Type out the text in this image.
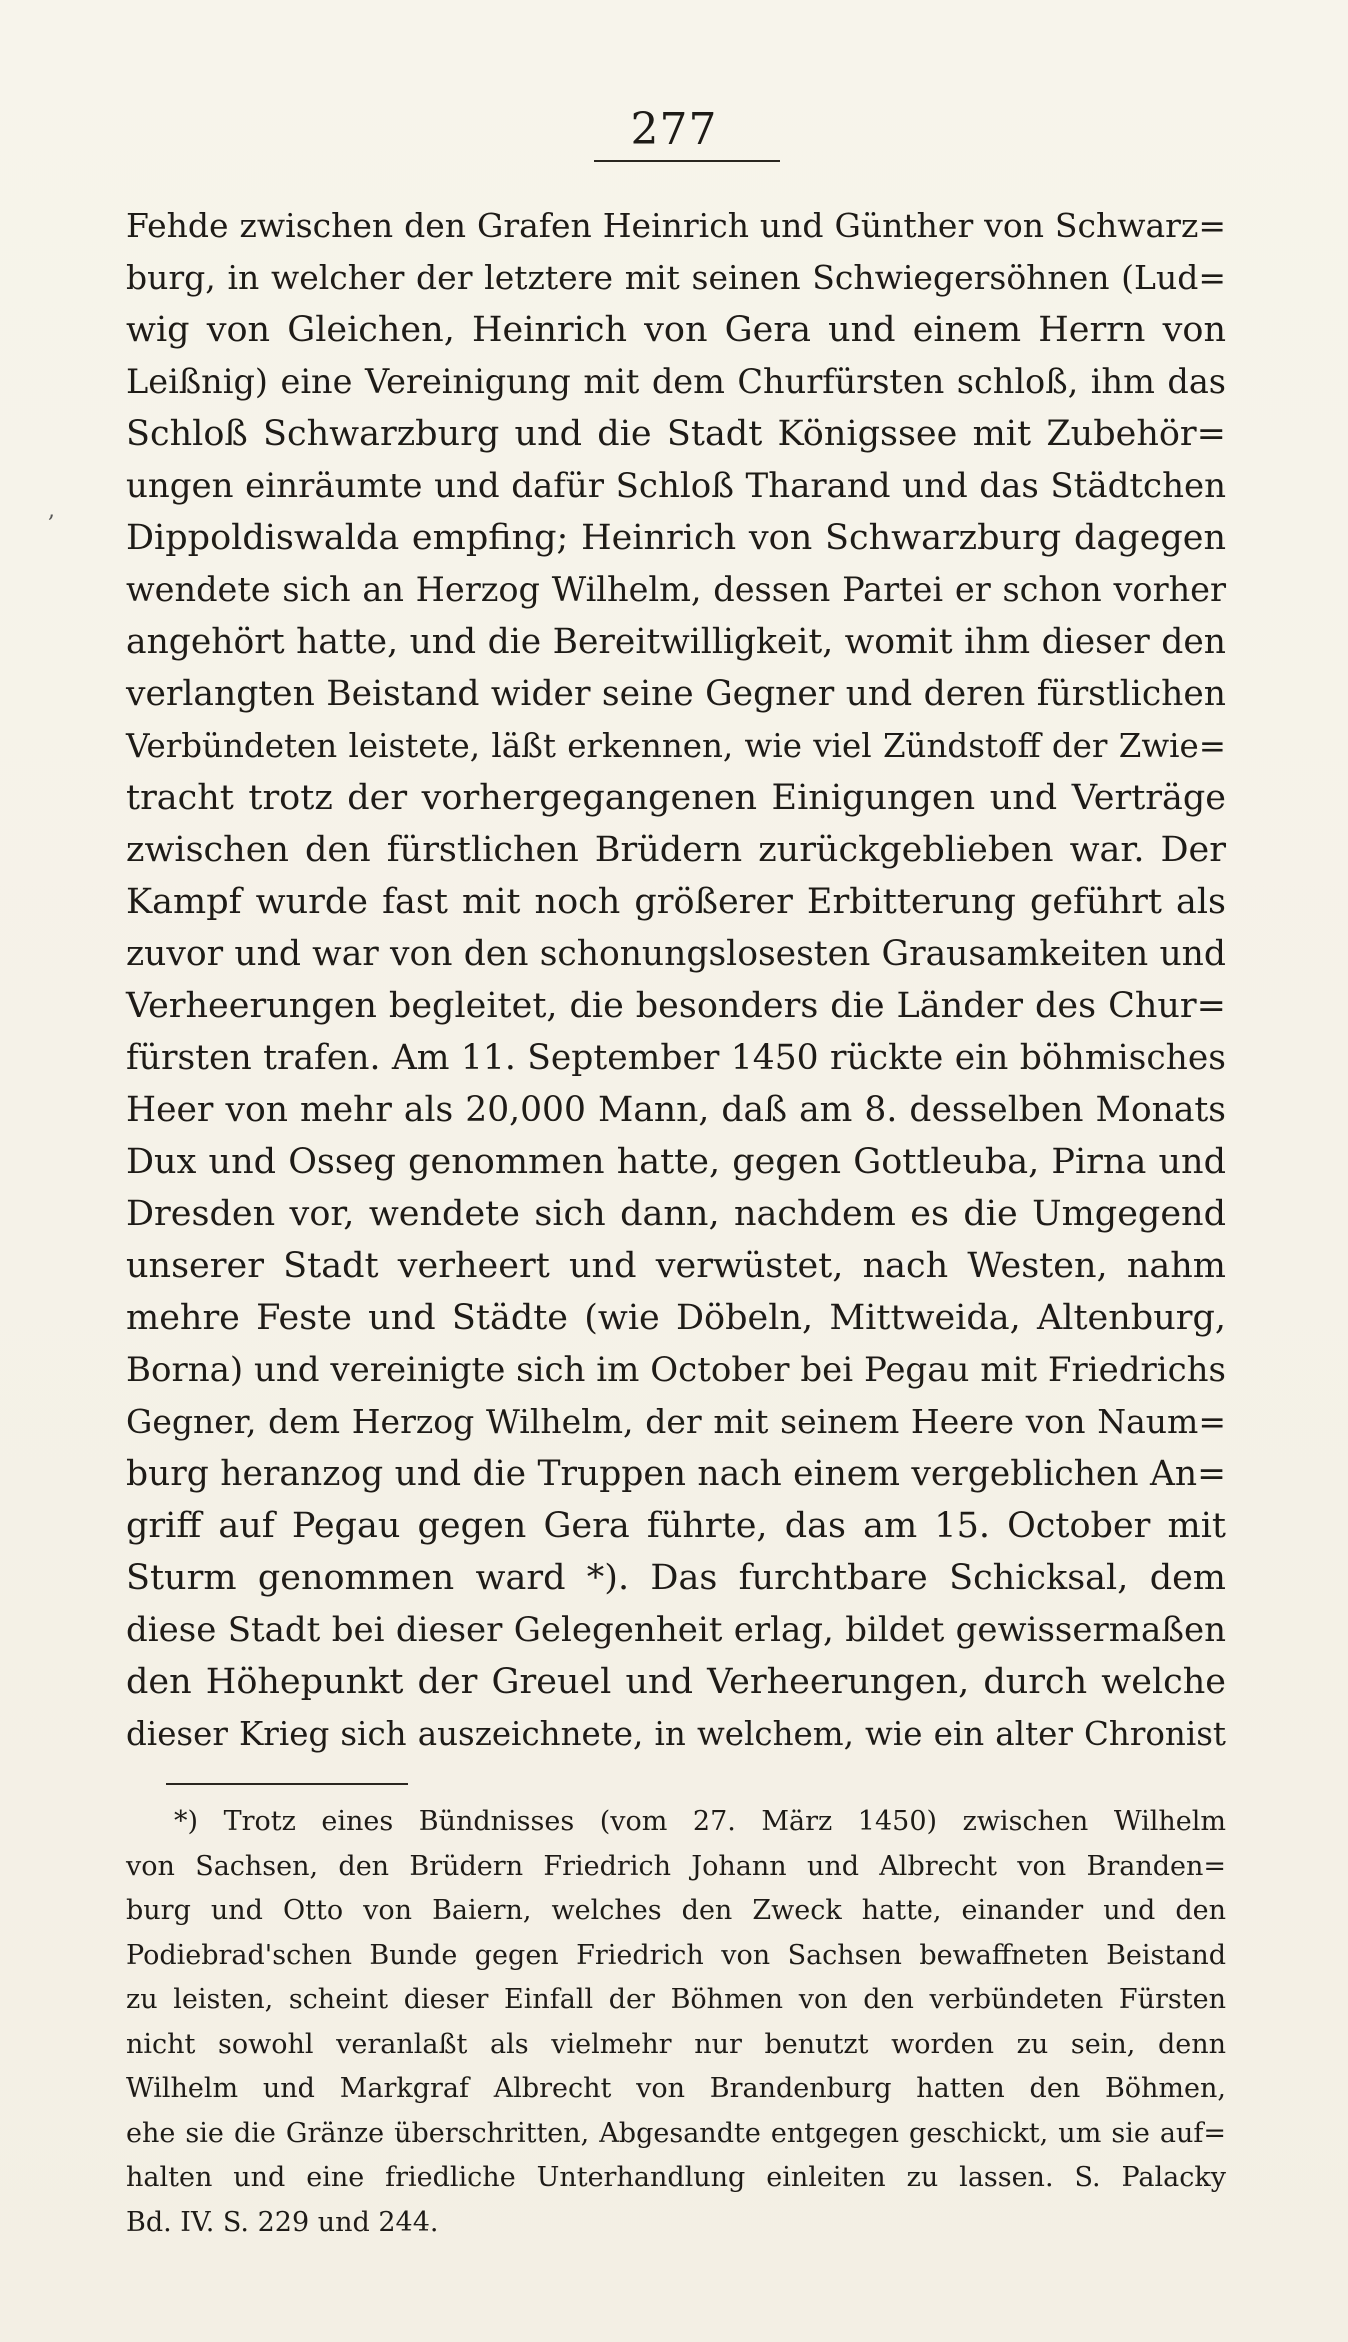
277
,
Fehde zwischen den Grafen Heinrich und Günther von Schwarz=
burg, in welcher der letztere mit seinen Schwiegersöhnen (Lud=
wig von Gleichen, Heinrich von Gera und einem Herrn von
Leißnig) eine Vereinigung mit dem Churfürsten schloß, ihm das
Schloß Schwarzburg und die Stadt Königssee mit Zubehör=
ungen einräumte und dafür Schloß Tharand und das Städtchen
Dippoldiswalda empfing; Heinrich von Schwarzburg dagegen
wendete sich an Herzog Wilhelm, dessen Partei er schon vorher
angehört hatte, und die Bereitwilligkeit, womit ihm dieser den
verlangten Beistand wider seine Gegner und deren fürstlichen
Verbündeten leistete, läßt erkennen, wie viel Zündstoff der Zwie=
tracht trotz der vorhergegangenen Einigungen und Verträge
zwischen den fürstlichen Brüdern zurückgeblieben war. Der
Kampf wurde fast mit noch größerer Erbitterung geführt als
zuvor und war von den schonungslosesten Grausamkeiten und
Verheerungen begleitet, die besonders die Länder des Chur=
fürsten trafen. Am 11. September 1450 rückte ein böhmisches
Heer von mehr als 20,000 Mann, daß am 8. desselben Monats
Dux und Osseg genommen hatte, gegen Gottleuba, Pirna und
Dresden vor, wendete sich dann, nachdem es die Umgegend
unserer Stadt verheert und verwüstet, nach Westen, nahm
mehre Feste und Städte (wie Döbeln, Mittweida, Altenburg,
Borna) und vereinigte sich im October bei Pegau mit Friedrichs
Gegner, dem Herzog Wilhelm, der mit seinem Heere von Naum=
burg heranzog und die Truppen nach einem vergeblichen An=
griff auf Pegau gegen Gera führte, das am 15. October mit
Sturm genommen ward *). Das furchtbare Schicksal, dem
diese Stadt bei dieser Gelegenheit erlag, bildet gewissermaßen
den Höhepunkt der Greuel und Verheerungen, durch welche
dieser Krieg sich auszeichnete, in welchem, wie ein alter Chronist
*) Trotz eines Bündnisses (vom 27. März 1450) zwischen Wilhelm
von Sachsen, den Brüdern Friedrich Johann und Albrecht von Branden=
burg und Otto von Baiern, welches den Zweck hatte, einander und den
Podiebrad'schen Bunde gegen Friedrich von Sachsen bewaffneten Beistand
zu leisten, scheint dieser Einfall der Böhmen von den verbündeten Fürsten
nicht sowohl veranlaßt als vielmehr nur benutzt worden zu sein, denn
Wilhelm und Markgraf Albrecht von Brandenburg hatten den Böhmen,
ehe sie die Gränze überschritten, Abgesandte entgegen geschickt, um sie auf=
halten und eine friedliche Unterhandlung einleiten zu lassen. S. Palacky
Bd. IV. S. 229 und 244.
